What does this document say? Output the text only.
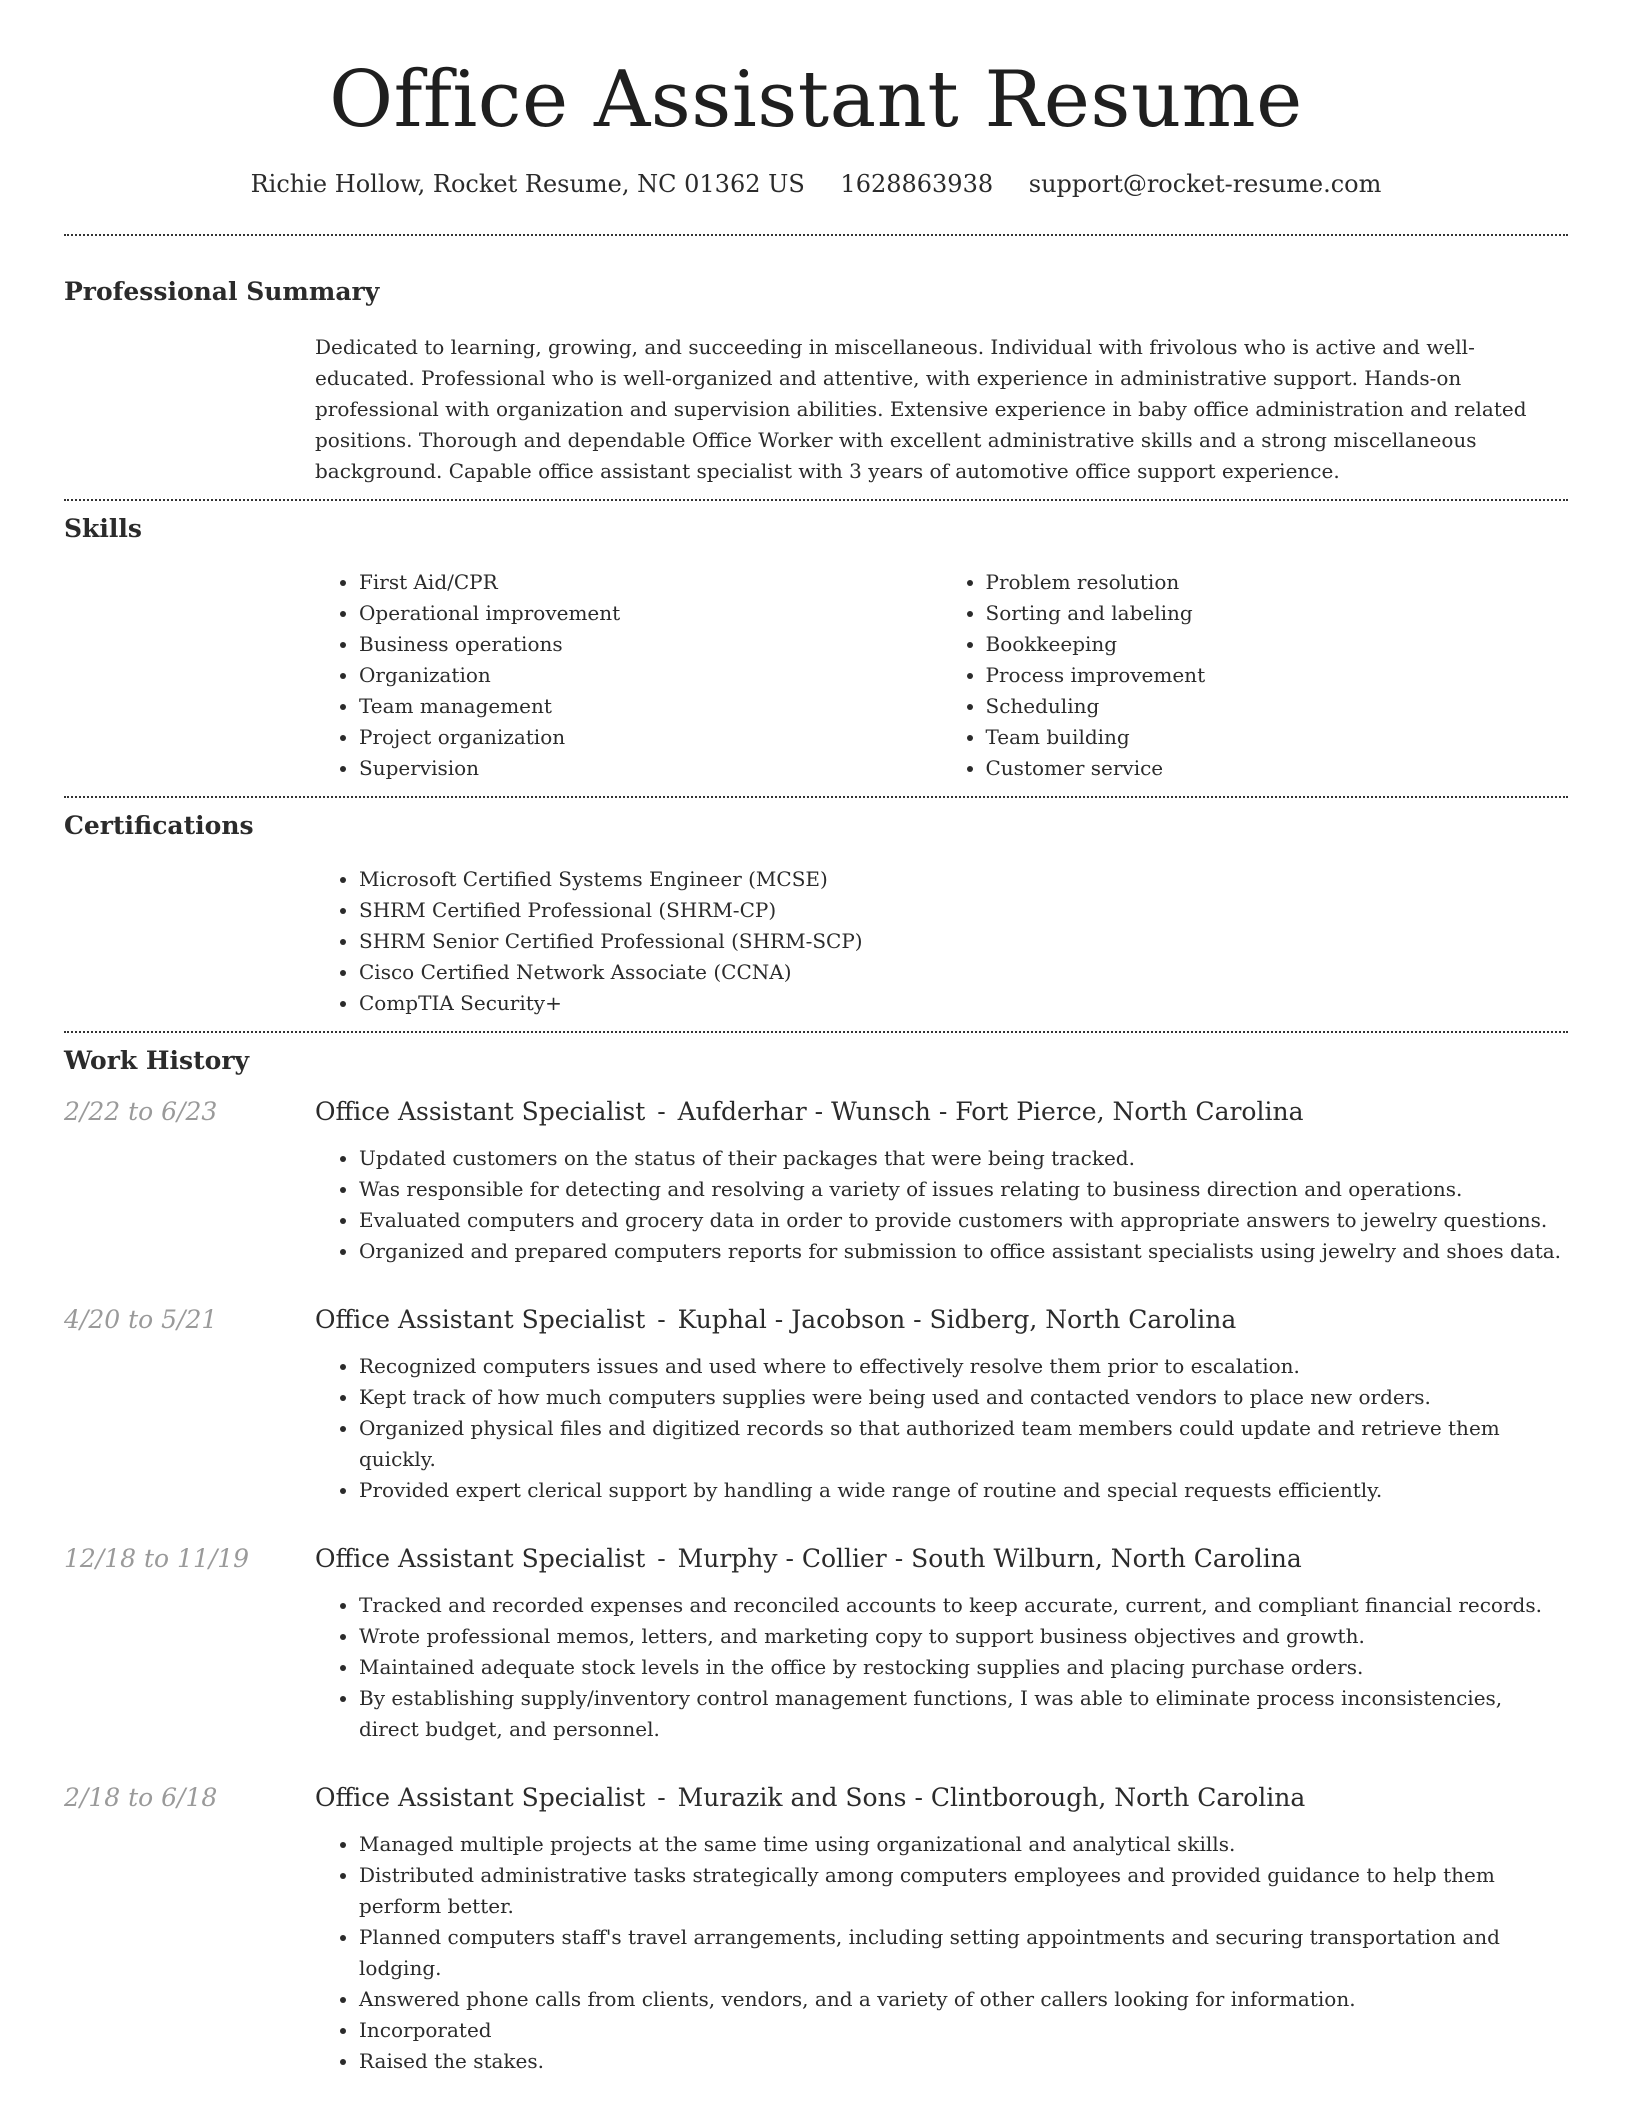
Office Assistant Resume
Richie Hollow, Rocket Resume, NC 01362 US 1628863938 support@rocket-resume.com
Professional Summary

Dedicated to learning, growing, and succeeding in miscellaneous. Individual with frivolous who is active and well-educated. Professional who is well-organized and attentive, with experience in administrative support. Hands-on professional with organization and supervision abilities. Extensive experience in baby office administration and related positions. Thorough and dependable Office Worker with excellent administrative skills and a strong miscellaneous background. Capable office assistant specialist with 3 years of automotive office support experience.

Skills
• First Aid/CPR
• Operational improvement
• Business operations
• Organization
• Team management
• Project organization
• Supervision
• Problem resolution
• Sorting and labeling
• Bookkeeping
• Process improvement
• Scheduling
• Team building
• Customer service
Certifications
• Microsoft Certified Systems Engineer (MCSE)
• SHRM Certified Professional (SHRM-CP)
• SHRM Senior Certified Professional (SHRM-SCP)
• Cisco Certified Network Associate (CCNA)
• CompTIA Security+
Work History
2/22 to 6/23	Office Assistant Specialist - Aufderhar - Wunsch - Fort Pierce, North Carolina
• Updated customers on the status of their packages that were being tracked.
• Was responsible for detecting and resolving a variety of issues relating to business direction and operations.
• Evaluated computers and grocery data in order to provide customers with appropriate answers to jewelry questions.
• Organized and prepared computers reports for submission to office assistant specialists using jewelry and shoes data.
4/20 to 5/21	Office Assistant Specialist - Kuphal - Jacobson - Sidberg, North Carolina
• Recognized computers issues and used where to effectively resolve them prior to escalation.
• Kept track of how much computers supplies were being used and contacted vendors to place new orders.
• Organized physical files and digitized records so that authorized team members could update and retrieve them quickly.
• Provided expert clerical support by handling a wide range of routine and special requests efficiently.
12/18 to 11/19	Office Assistant Specialist - Murphy - Collier - South Wilburn, North Carolina
• Tracked and recorded expenses and reconciled accounts to keep accurate, current, and compliant financial records.
• Wrote professional memos, letters, and marketing copy to support business objectives and growth.
• Maintained adequate stock levels in the office by restocking supplies and placing purchase orders.
• By establishing supply/inventory control management functions, I was able to eliminate process inconsistencies, direct budget, and personnel.
2/18 to 6/18	Office Assistant Specialist - Murazik and Sons - Clintborough, North Carolina
• Managed multiple projects at the same time using organizational and analytical skills.
• Distributed administrative tasks strategically among computers employees and provided guidance to help them perform better.
• Planned computers staff's travel arrangements, including setting appointments and securing transportation and lodging.
• Answered phone calls from clients, vendors, and a variety of other callers looking for information.
• Incorporated
• Raised the stakes.
